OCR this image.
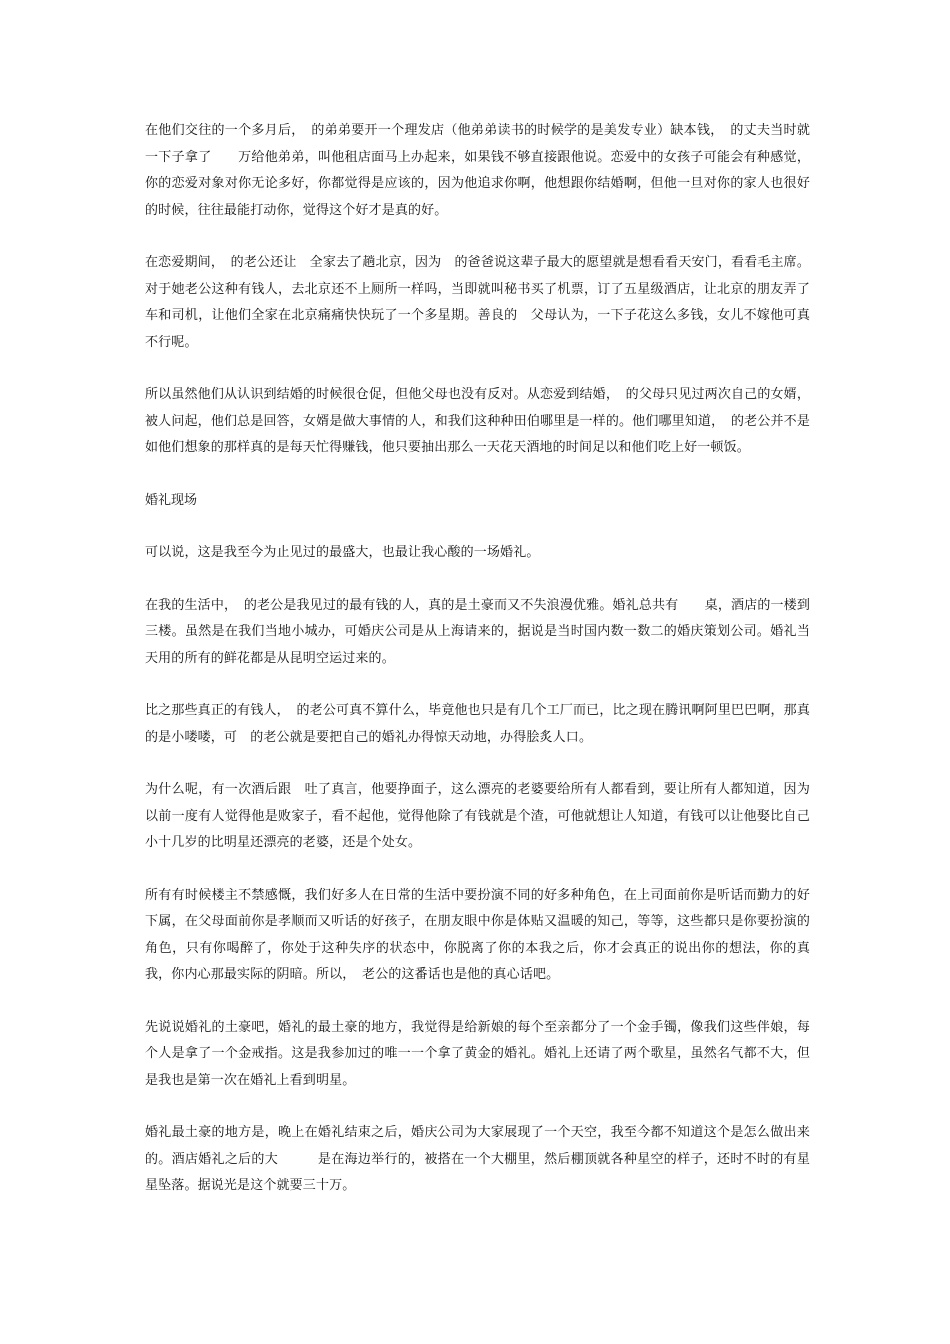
在他们交往的一个多月后，　的弟弟要开一个理发店（他弟弟读书的时候学的是美发专业）缺本钱，　的丈夫当时就一下子拿了　　万给他弟弟，叫他租店面马上办起来，如果钱不够直接跟他说。恋爱中的女孩子可能会有种感觉，你的恋爱对象对你无论多好，你都觉得是应该的，因为他追求你啊，他想跟你结婚啊，但他一旦对你的家人也很好的时候，往往最能打动你，觉得这个好才是真的好。

在恋爱期间，　的老公还让　全家去了趟北京，因为　的爸爸说这辈子最大的愿望就是想看看天安门，看看毛主席。对于她老公这种有钱人，去北京还不上厕所一样吗，当即就叫秘书买了机票，订了五星级酒店，让北京的朋友弄了车和司机，让他们全家在北京痛痛快快玩了一个多星期。善良的　父母认为，一下子花这么多钱，女儿不嫁他可真不行呢。

所以虽然他们从认识到结婚的时候很仓促，但他父母也没有反对。从恋爱到结婚，　的父母只见过两次自己的女婿，被人问起，他们总是回答，女婿是做大事情的人，和我们这种种田伯哪里是一样的。他们哪里知道，　的老公并不是如他们想象的那样真的是每天忙得赚钱，他只要抽出那么一天花天酒地的时间足以和他们吃上好一顿饭。

婚礼现场

可以说，这是我至今为止见过的最盛大，也最让我心酸的一场婚礼。

在我的生活中，　的老公是我见过的最有钱的人，真的是土豪而又不失浪漫优雅。婚礼总共有　　桌，酒店的一楼到三楼。虽然是在我们当地小城办，可婚庆公司是从上海请来的，据说是当时国内数一数二的婚庆策划公司。婚礼当天用的所有的鲜花都是从昆明空运过来的。

比之那些真正的有钱人，　的老公可真不算什么，毕竟他也只是有几个工厂而已，比之现在腾讯啊阿里巴巴啊，那真的是小喽喽，可　的老公就是要把自己的婚礼办得惊天动地，办得脍炙人口。

为什么呢，有一次酒后跟　吐了真言，他要挣面子，这么漂亮的老婆要给所有人都看到，要让所有人都知道，因为以前一度有人觉得他是败家子，看不起他，觉得他除了有钱就是个渣，可他就想让人知道，有钱可以让他娶比自己小十几岁的比明星还漂亮的老婆，还是个处女。

所有有时候楼主不禁感慨，我们好多人在日常的生活中要扮演不同的好多种角色，在上司面前你是听话而勤力的好下属，在父母面前你是孝顺而又听话的好孩子，在朋友眼中你是体贴又温暖的知己，等等，这些都只是你要扮演的角色，只有你喝醉了，你处于这种失序的状态中，你脱离了你的本我之后，你才会真正的说出你的想法，你的真我，你内心那最实际的阴暗。所以，　老公的这番话也是他的真心话吧。

先说说婚礼的土豪吧，婚礼的最土豪的地方，我觉得是给新娘的每个至亲都分了一个金手镯，像我们这些伴娘，每个人是拿了一个金戒指。这是我参加过的唯一一个拿了黄金的婚礼。婚礼上还请了两个歌星，虽然名气都不大，但是我也是第一次在婚礼上看到明星。

婚礼最土豪的地方是，晚上在婚礼结束之后，婚庆公司为大家展现了一个天空，我至今都不知道这个是怎么做出来的。酒店婚礼之后的大　　　是在海边举行的，被搭在一个大棚里，然后棚顶就各种星空的样子，还时不时的有星星坠落。据说光是这个就要三十万。
